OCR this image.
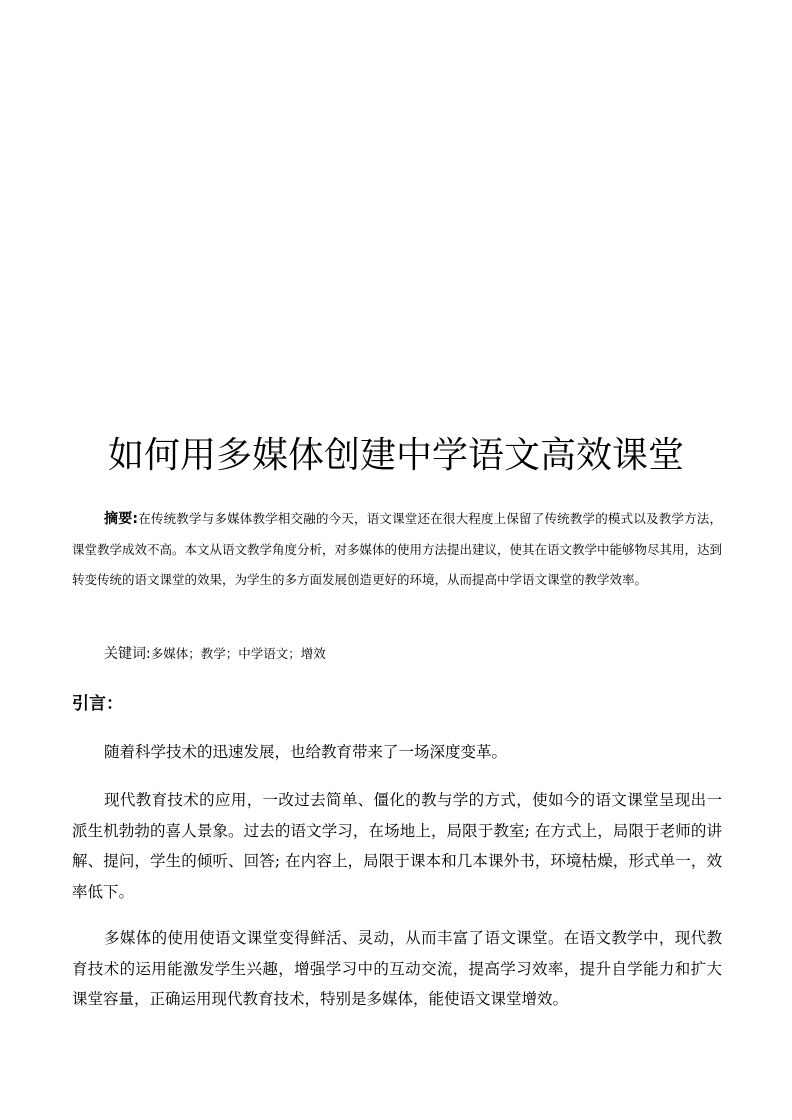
如何用多媒体创建中学语文高效课堂

摘要:在传统教学与多媒体教学相交融的今天，语文课堂还在很大程度上保留了传统教学的模式以及教学方法，课堂教学成效不高。本文从语文教学角度分析，对多媒体的使用方法提出建议，使其在语文教学中能够物尽其用，达到转变传统的语文课堂的效果，为学生的多方面发展创造更好的环境，从而提高中学语文课堂的教学效率。

关键词:多媒体；教学；中学语文；增效

引言：

随着科学技术的迅速发展，也给教育带来了一场深度变革。

现代教育技术的应用，一改过去简单、僵化的教与学的方式，使如今的语文课堂呈现出一派生机勃勃的喜人景象。过去的语文学习，在场地上，局限于教室; 在方式上，局限于老师的讲解、提问，学生的倾听、回答; 在内容上，局限于课本和几本课外书，环境枯燥，形式单一，效率低下。

多媒体的使用使语文课堂变得鲜活、灵动，从而丰富了语文课堂。在语文教学中，现代教育技术的运用能激发学生兴趣，增强学习中的互动交流，提高学习效率，提升自学能力和扩大课堂容量，正确运用现代教育技术，特别是多媒体，能使语文课堂增效。
